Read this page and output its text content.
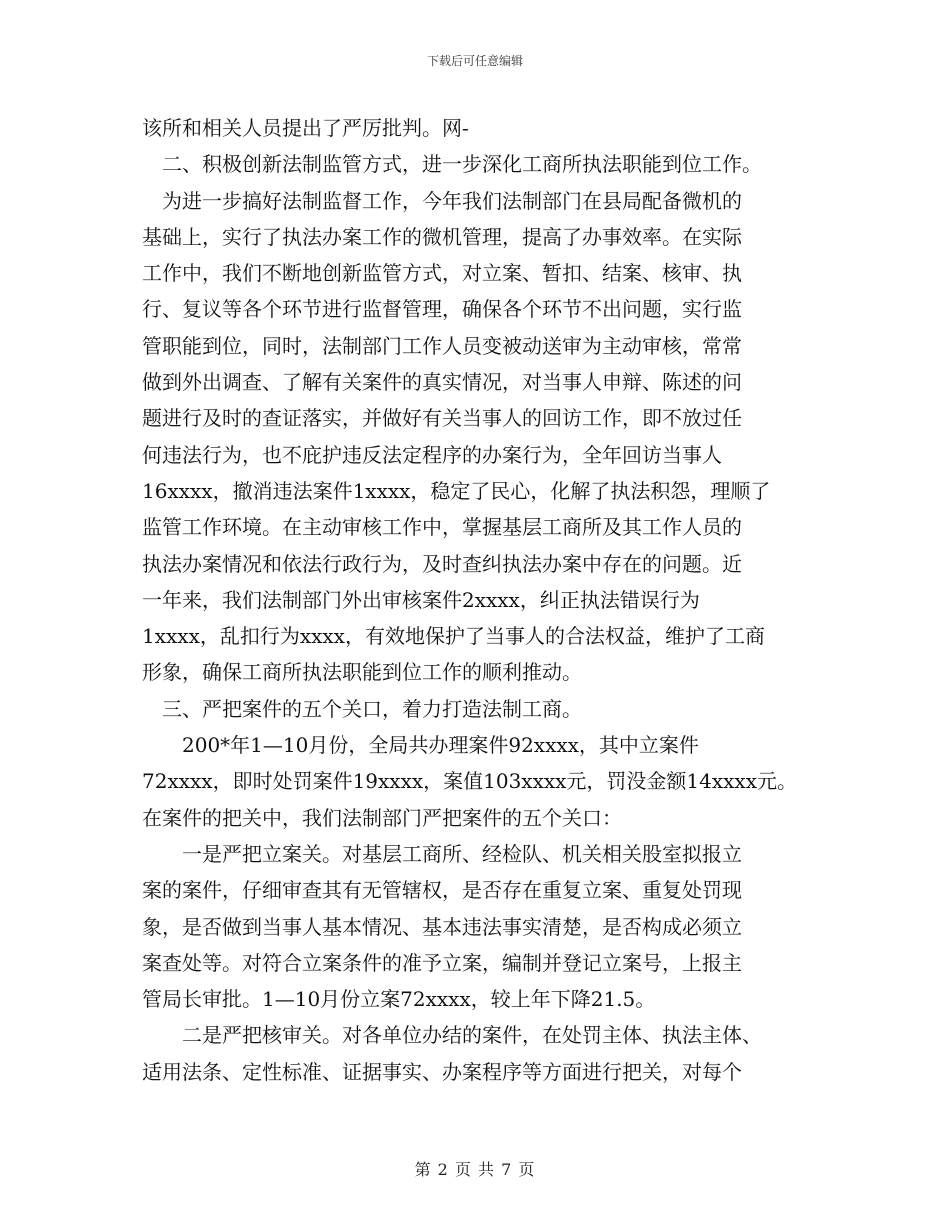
下载后可任意编辑
该所和相关人员提出了严厉批判。网-
二、积极创新法制监管方式，进一步深化工商所执法职能到位工作。
为进一步搞好法制监督工作，今年我们法制部门在县局配备微机的
基础上，实行了执法办案工作的微机管理，提高了办事效率。在实际
工作中，我们不断地创新监管方式，对立案、暂扣、结案、核审、执
行、复议等各个环节进行监督管理，确保各个环节不出问题，实行监
管职能到位，同时，法制部门工作人员变被动送审为主动审核，常常
做到外出调查、了解有关案件的真实情况，对当事人申辩、陈述的问
题进行及时的查证落实，并做好有关当事人的回访工作，即不放过任
何违法行为，也不庇护违反法定程序的办案行为，全年回访当事人
16xxxx，撤消违法案件1xxxx，稳定了民心，化解了执法积怨，理顺了
监管工作环境。在主动审核工作中，掌握基层工商所及其工作人员的
执法办案情况和依法行政行为，及时查纠执法办案中存在的问题。近
一年来，我们法制部门外出审核案件2xxxx，纠正执法错误行为
1xxxx，乱扣行为xxxx，有效地保护了当事人的合法权益，维护了工商
形象，确保工商所执法职能到位工作的顺利推动。
三、严把案件的五个关口，着力打造法制工商。
200*年1—10月份，全局共办理案件92xxxx，其中立案件
72xxxx，即时处罚案件19xxxx，案值103xxxx元，罚没金额14xxxx元。
在案件的把关中，我们法制部门严把案件的五个关口：
一是严把立案关。对基层工商所、经检队、机关相关股室拟报立
案的案件，仔细审查其有无管辖权，是否存在重复立案、重复处罚现
象，是否做到当事人基本情况、基本违法事实清楚，是否构成必须立
案查处等。对符合立案条件的准予立案，编制并登记立案号，上报主
管局长审批。1—10月份立案72xxxx，较上年下降21.5。
二是严把核审关。对各单位办结的案件，在处罚主体、执法主体、
适用法条、定性标准、证据事实、办案程序等方面进行把关，对每个
第 2 页 共 7 页
